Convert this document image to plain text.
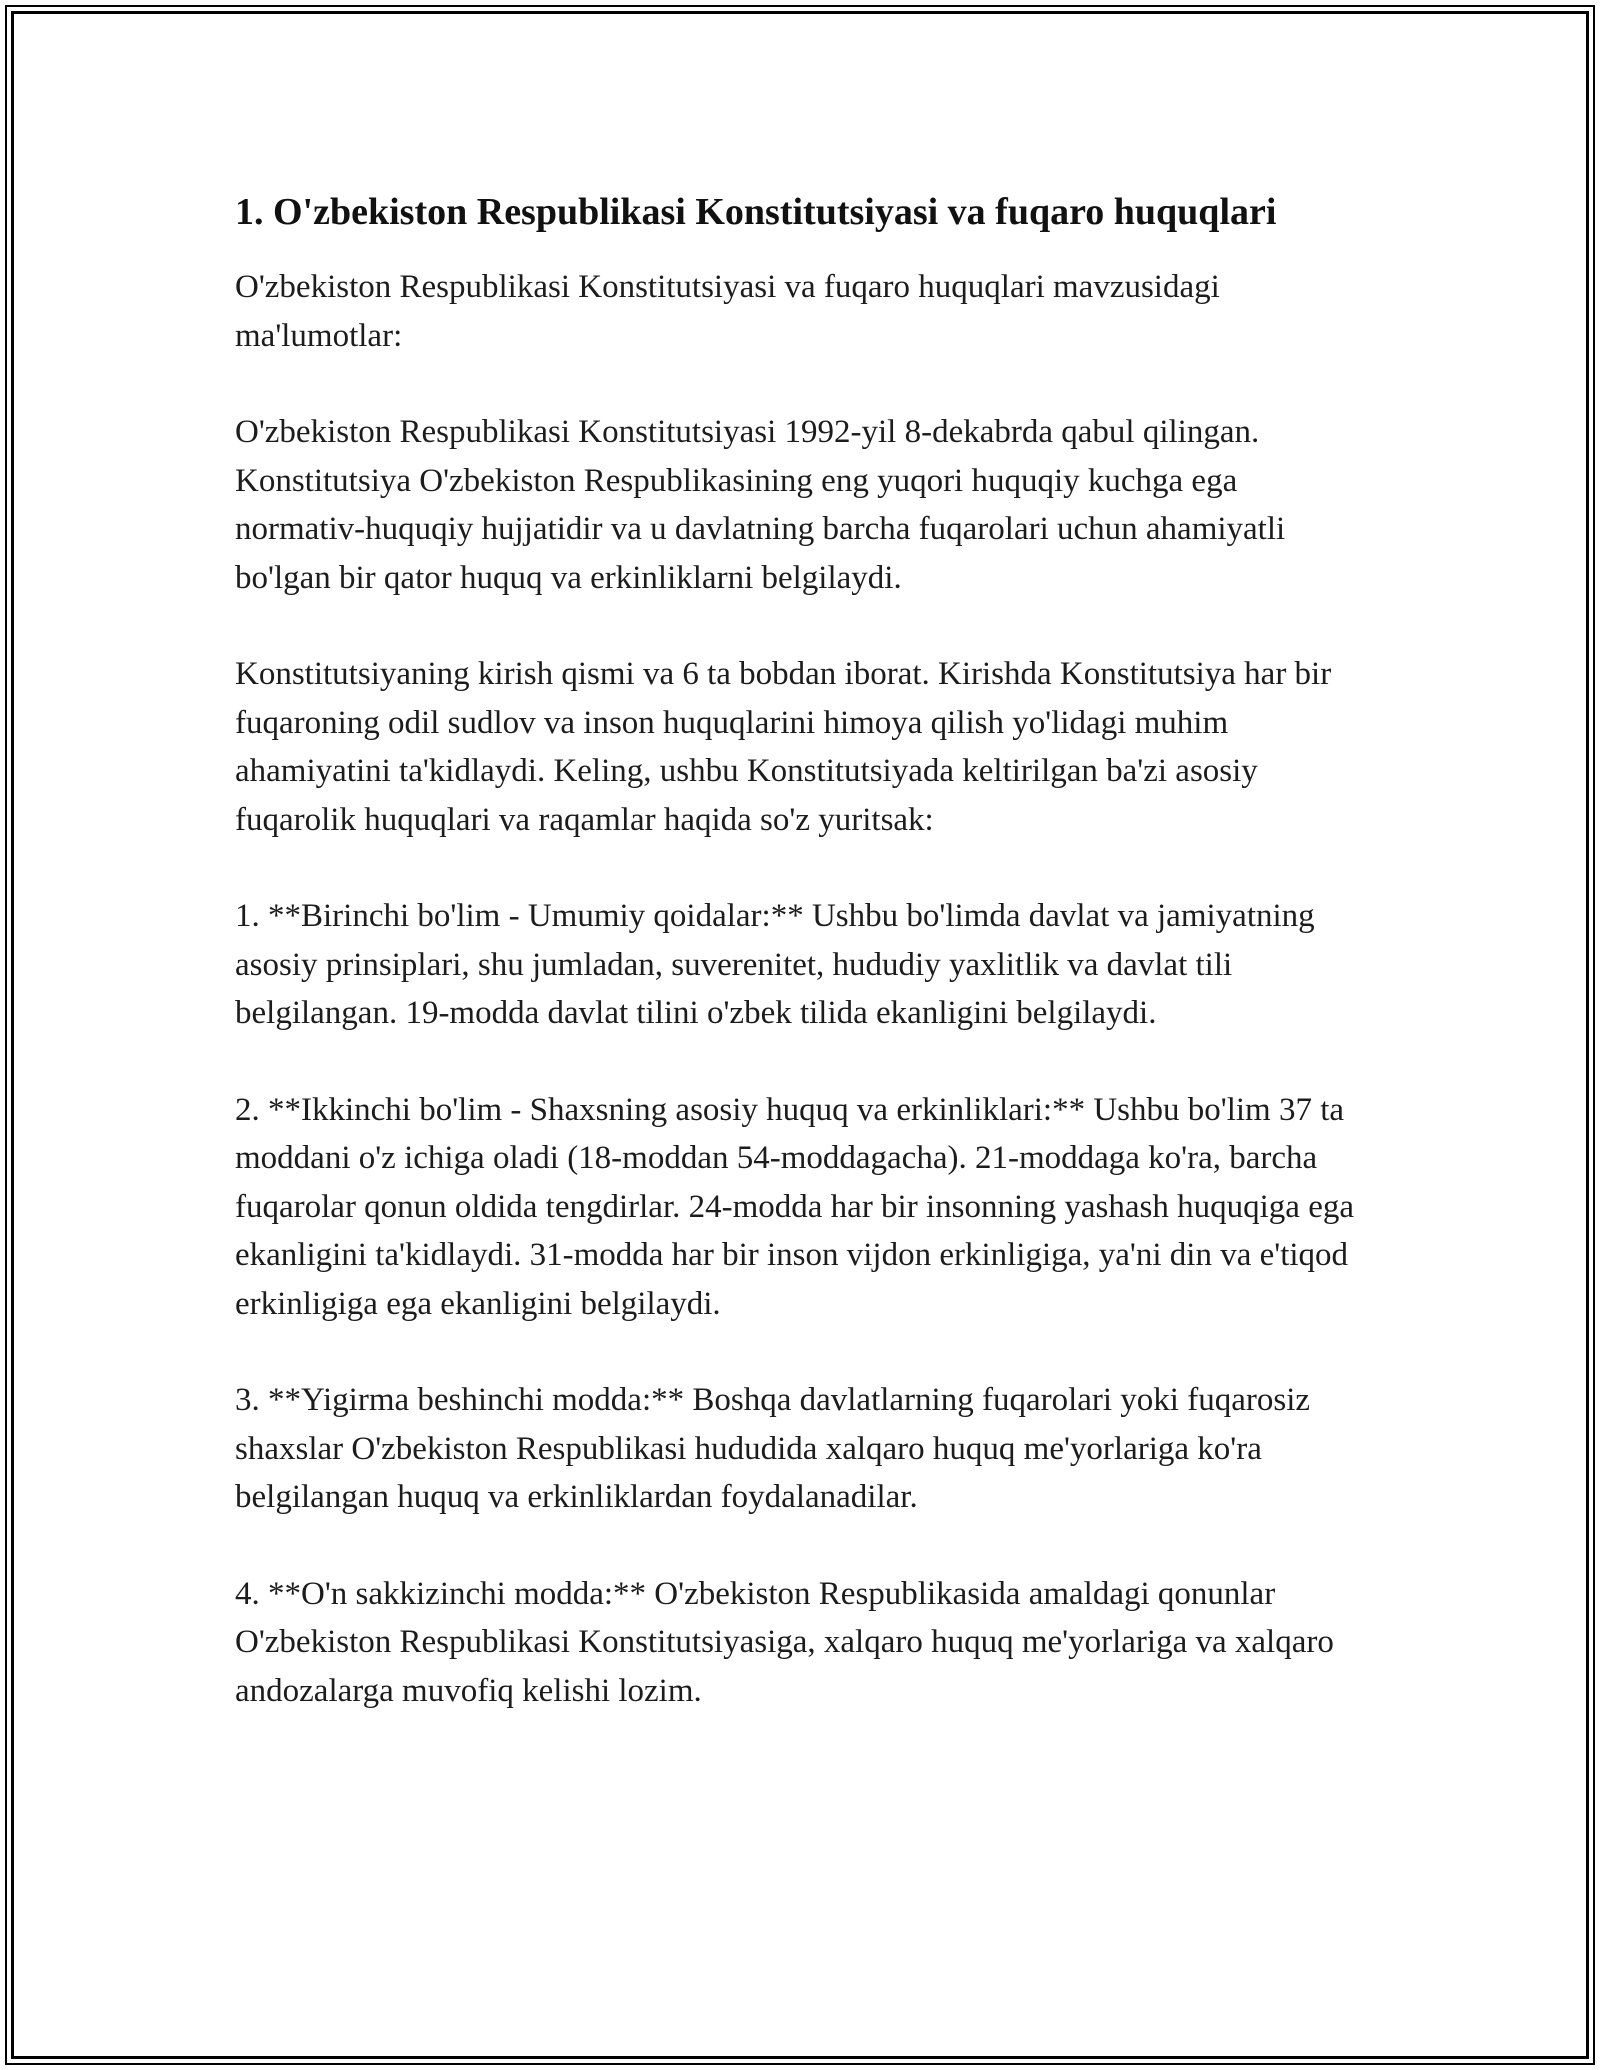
1. O'zbekiston Respublikasi Konstitutsiyasi va fuqaro huquqlari

O'zbekiston Respublikasi Konstitutsiyasi va fuqaro huquqlari mavzusidagi ma'lumotlar:

O'zbekiston Respublikasi Konstitutsiyasi 1992-yil 8-dekabrda qabul qilingan. Konstitutsiya O'zbekiston Respublikasining eng yuqori huquqiy kuchga ega normativ-huquqiy hujjatidir va u davlatning barcha fuqarolari uchun ahamiyatli bo'lgan bir qator huquq va erkinliklarni belgilaydi.

Konstitutsiyaning kirish qismi va 6 ta bobdan iborat. Kirishda Konstitutsiya har bir fuqaroning odil sudlov va inson huquqlarini himoya qilish yo'lidagi muhim ahamiyatini ta'kidlaydi. Keling, ushbu Konstitutsiyada keltirilgan ba'zi asosiy fuqarolik huquqlari va raqamlar haqida so'z yuritsak:

1. **Birinchi bo'lim - Umumiy qoidalar:** Ushbu bo'limda davlat va jamiyatning asosiy prinsiplari, shu jumladan, suverenitet, hududiy yaxlitlik va davlat tili belgilangan. 19-modda davlat tilini o'zbek tilida ekanligini belgilaydi.

2. **Ikkinchi bo'lim - Shaxsning asosiy huquq va erkinliklari:** Ushbu bo'lim 37 ta moddani o'z ichiga oladi (18-moddan 54-moddagacha). 21-moddaga ko'ra, barcha fuqarolar qonun oldida tengdirlar. 24-modda har bir insonning yashash huquqiga ega ekanligini ta'kidlaydi. 31-modda har bir inson vijdon erkinligiga, ya'ni din va e'tiqod erkinligiga ega ekanligini belgilaydi.

3. **Yigirma beshinchi modda:** Boshqa davlatlarning fuqarolari yoki fuqarosiz shaxslar O'zbekiston Respublikasi hududida xalqaro huquq me'yorlariga ko'ra belgilangan huquq va erkinliklardan foydalanadilar.

4. **O'n sakkizinchi modda:** O'zbekiston Respublikasida amaldagi qonunlar O'zbekiston Respublikasi Konstitutsiyasiga, xalqaro huquq me'yorlariga va xalqaro andozalarga muvofiq kelishi lozim.
